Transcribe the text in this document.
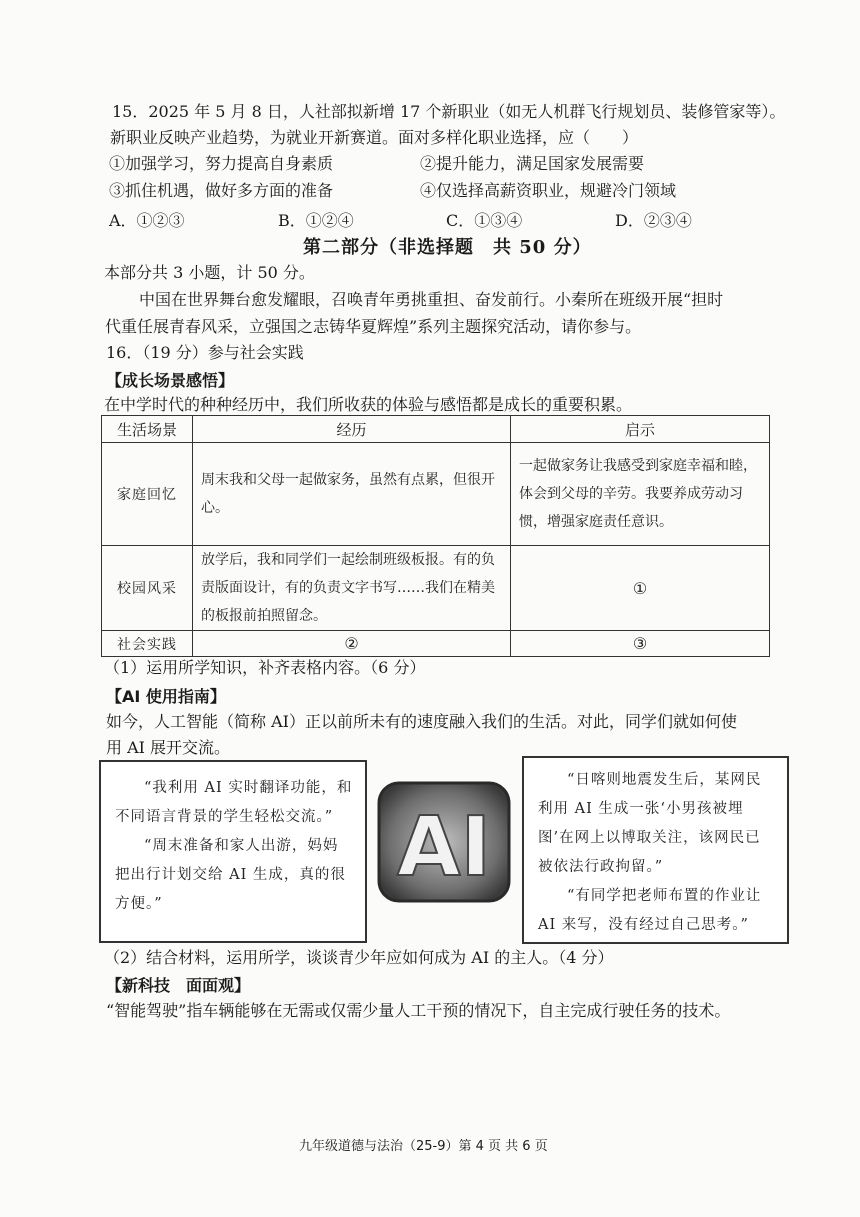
15．2025 年 5 月 8 日，人社部拟新增 17 个新职业（如无人机群飞行规划员、装修管家等）。
新职业反映产业趋势，为就业开新赛道。面对多样化职业选择，应（　　）
①加强学习，努力提高自身素质	②提升能力，满足国家发展需要
③抓住机遇，做好多方面的准备	④仅选择高薪资职业，规避冷门领域
A．①②③	B．①②④	C．①③④	D．②③④
第二部分（非选择题　共 50 分）
本部分共 3 小题，计 50 分。
中国在世界舞台愈发耀眼，召唤青年勇挑重担、奋发前行。小秦所在班级开展“担时
代重任展青春风采，立强国之志铸华夏辉煌”系列主题探究活动，请你参与。
16．（19 分）参与社会实践
【成长场景感悟】
在中学时代的种种经历中，我们所收获的体验与感悟都是成长的重要积累。
生活场景	经历	启示
家庭回忆	周末我和父母一起做家务，虽然有点累，但很开心。	一起做家务让我感受到家庭幸福和睦，体会到父母的辛劳。我要养成劳动习惯，增强家庭责任意识。
校园风采	放学后，我和同学们一起绘制班级板报。有的负责版面设计，有的负责文字书写……我们在精美的板报前拍照留念。	①
社会实践	②	③
（1）运用所学知识，补齐表格内容。（6 分）
【AI 使用指南】
如今，人工智能（简称 AI）正以前所未有的速度融入我们的生活。对此，同学们就如何使
用 AI 展开交流。

“我利用 AI 实时翻译功能，和不同语言背景的学生轻松交流。”

“周末准备和家人出游，妈妈把出行计划交给 AI 生成，真的很方便。”

AI

“日喀则地震发生后，某网民利用 AI 生成一张‘小男孩被埋图’在网上以博取关注，该网民已被依法行政拘留。”

“有同学把老师布置的作业让 AI 来写，没有经过自己思考。”

（2）结合材料，运用所学，谈谈青少年应如何成为 AI 的主人。（4 分）
【新科技　面面观】
“智能驾驶”指车辆能够在无需或仅需少量人工干预的情况下，自主完成行驶任务的技术。
九年级道德与法治（25-9）第 4 页 共 6 页
